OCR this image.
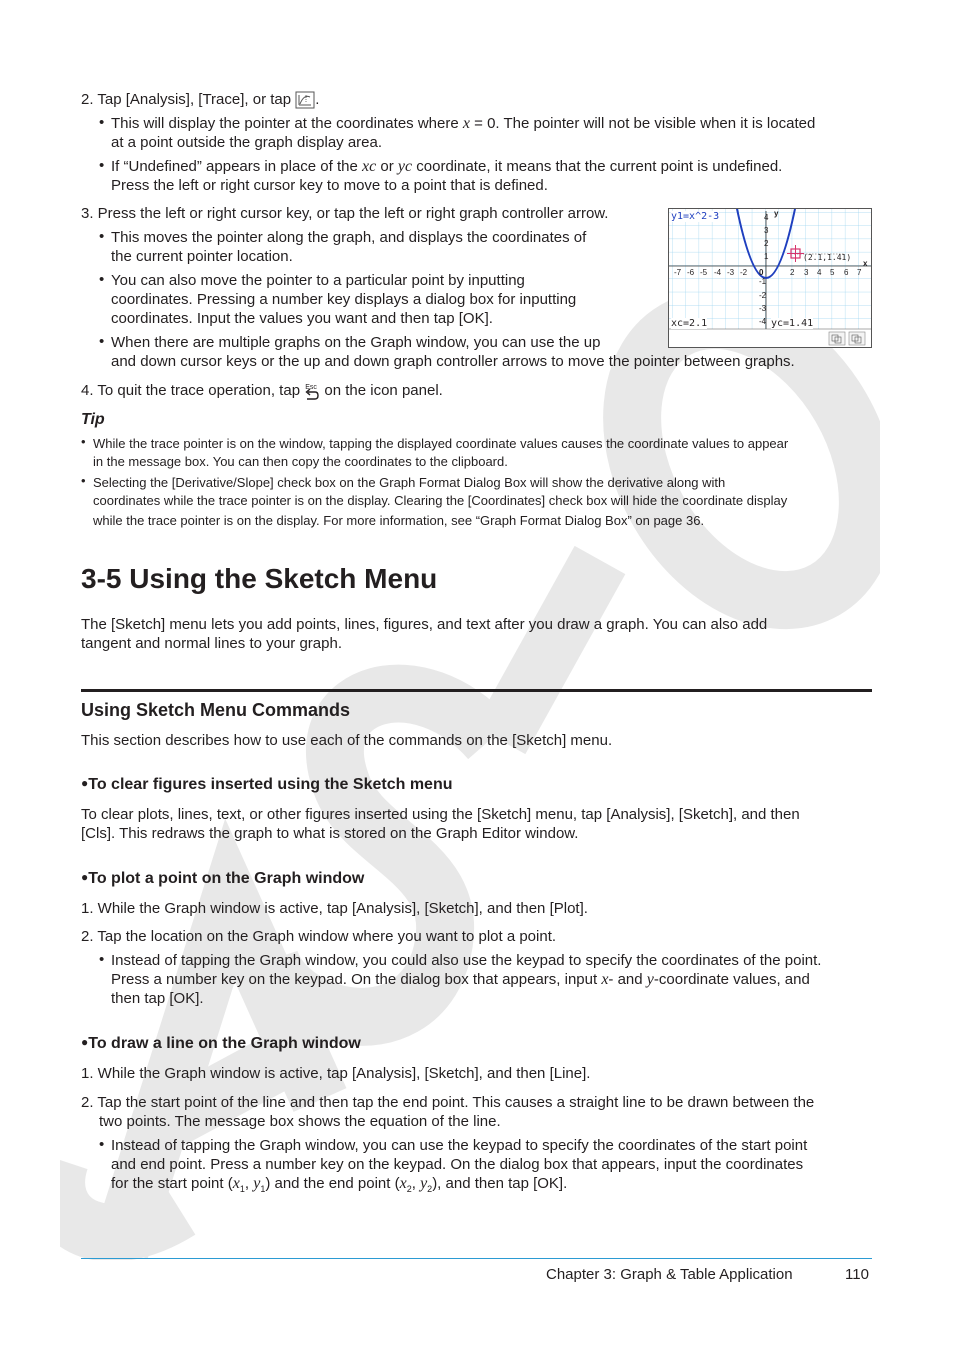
2. Tap [Analysis], [Trace], or tap .
• This will display the pointer at the coordinates where x = 0. The pointer will not be visible when it is located
at a point outside the graph display area.
• If “Undefined” appears in place of the xc or yc coordinate, it means that the current point is undefined.
Press the left or right cursor key to move to a point that is defined.
3. Press the left or right cursor key, or tap the left or right graph controller arrow.
• This moves the pointer along the graph, and displays the coordinates of
the current pointer location.
• You can also move the pointer to a particular point by inputting
coordinates. Pressing a number key displays a dialog box for inputting
coordinates. Input the values you want and then tap [OK].
• When there are multiple graphs on the Graph window, you can use the up
and down cursor keys or the up and down graph controller arrows to move the pointer between graphs.
y1=x^2-3
(2.1,1.41)
y
x
0
-7 -6 -5 -4 -3 -2	2 3 4 5 6 7
4
3
2
1
-1
-2
-3
-4
xc=2.1	yc=1.41
4. To quit the trace operation, tap Esc on the icon panel.
Tip
• While the trace pointer is on the window, tapping the displayed coordinate values causes the coordinate values to appear
in the message box. You can then copy the coordinates to the clipboard.
• Selecting the [Derivative/Slope] check box on the Graph Format Dialog Box will show the derivative along with
coordinates while the trace pointer is on the display. Clearing the [Coordinates] check box will hide the coordinate display
while the trace pointer is on the display. For more information, see “Graph Format Dialog Box” on page 36.
3-5 Using the Sketch Menu
The [Sketch] menu lets you add points, lines, figures, and text after you draw a graph. You can also add
tangent and normal lines to your graph.
Using Sketch Menu Commands
This section describes how to use each of the commands on the [Sketch] menu.
●To clear figures inserted using the Sketch menu
To clear plots, lines, text, or other figures inserted using the [Sketch] menu, tap [Analysis], [Sketch], and then
[Cls]. This redraws the graph to what is stored on the Graph Editor window.
●To plot a point on the Graph window
1. While the Graph window is active, tap [Analysis], [Sketch], and then [Plot].
2. Tap the location on the Graph window where you want to plot a point.
• Instead of tapping the Graph window, you could also use the keypad to specify the coordinates of the point.
Press a number key on the keypad. On the dialog box that appears, input x- and y-coordinate values, and
then tap [OK].
●To draw a line on the Graph window
1. While the Graph window is active, tap [Analysis], [Sketch], and then [Line].
2. Tap the start point of the line and then tap the end point. This causes a straight line to be drawn between the
two points. The message box shows the equation of the line.
• Instead of tapping the Graph window, you can use the keypad to specify the coordinates of the start point
and end point. Press a number key on the keypad. On the dialog box that appears, input the coordinates
for the start point ($x_1$, $y_1$) and the end point ($x_2$, $y_2$), and then tap [OK].
Chapter 3: Graph & Table Application	110
